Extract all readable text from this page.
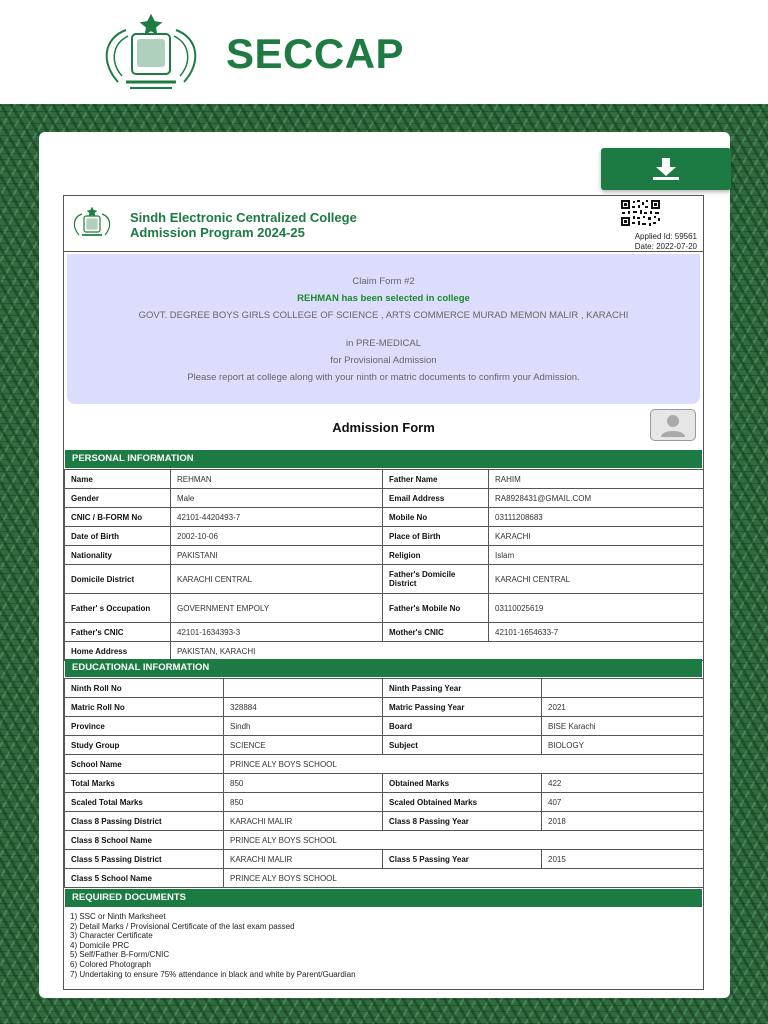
SECCAP
Sindh Electronic Centralized College
Admission Program 2024-25	Applied Id: 59561
Date: 2022-07-20
Claim Form #2
REHMAN has been selected in college
GOVT. DEGREE BOYS GIRLS COLLEGE OF SCIENCE , ARTS COMMERCE MURAD MEMON MALIR , KARACHI
in PRE-MEDICAL
for Provisional Admission
Please report at college along with your ninth or matric documents to confirm your Admission.
Admission Form
PERSONAL INFORMATION
Name	REHMAN	Father Name	RAHIM
Gender	Male	Email Address	RA8928431@GMAIL.COM
CNIC / B-FORM No	42101-4420493-7	Mobile No	03111208683
Date of Birth	2002-10-06	Place of Birth	KARACHI
Nationality	PAKISTANI	Religion	Islam
Domicile District	KARACHI CENTRAL	Father's Domicile District	KARACHI CENTRAL
Father' s Occupation	GOVERNMENT EMPOLY	Father's Mobile No	03110025619
Father's CNIC	42101-1634393-3	Mother's CNIC	42101-1654633-7
Home Address	PAKISTAN, KARACHI		
EDUCATIONAL INFORMATION
Ninth Roll No		Ninth Passing Year	
Matric Roll No	328884	Matric Passing Year	2021
Province	Sindh	Board	BISE Karachi
Study Group	SCIENCE	Subject	BIOLOGY
School Name	PRINCE ALY BOYS SCHOOL		
Total Marks	850	Obtained Marks	422
Scaled Total Marks	850	Scaled Obtained Marks	407
Class 8 Passing District	KARACHI MALIR	Class 8 Passing Year	2018
Class 8 School Name	PRINCE ALY BOYS SCHOOL		
Class 5 Passing District	KARACHI MALIR	Class 5 Passing Year	2015
Class 5 School Name	PRINCE ALY BOYS SCHOOL		
REQUIRED DOCUMENTS
1) SSC or Ninth Marksheet
2) Detail Marks / Provisional Certificate of the last exam passed
3) Character Certificate
4) Domicile PRC
5) Self/Father B-Form/CNIC
6) Colored Photograph
7) Undertaking to ensure 75% attendance in black and white by Parent/Guardian
